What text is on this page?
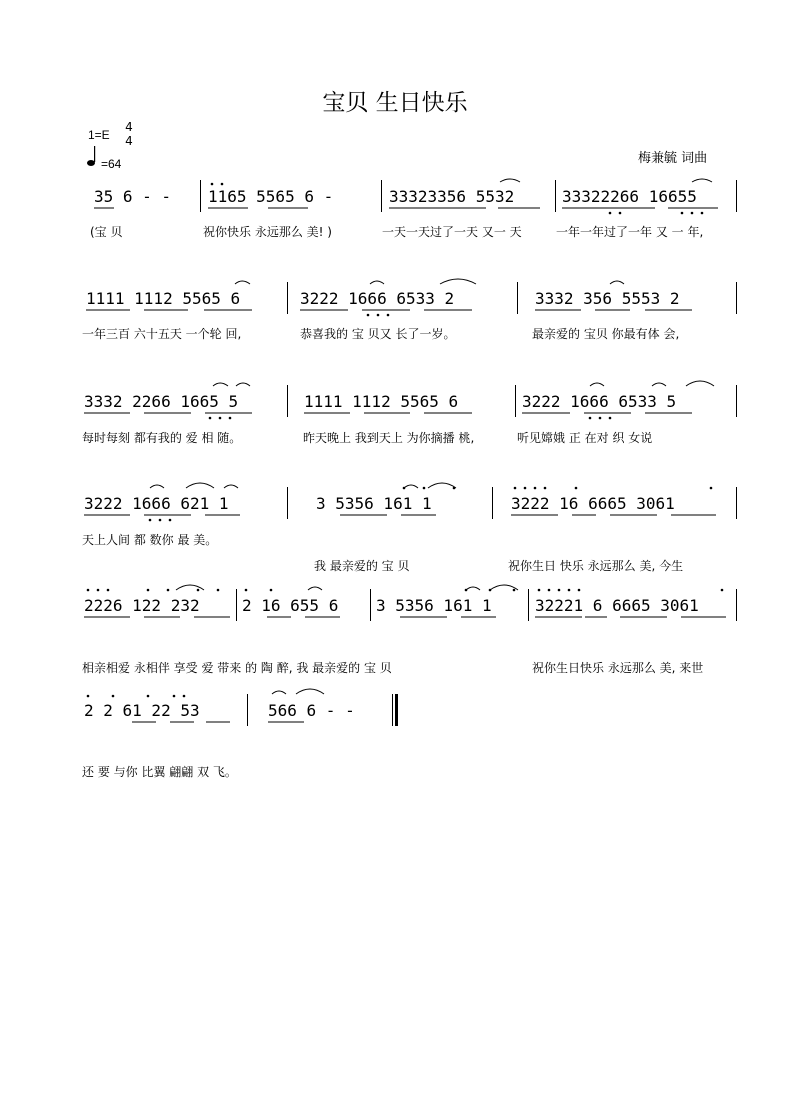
宝贝 生日快乐
1=E
4
4
=64	梅兼毓 词曲
35 6 - - 1165 5565 6 -	33323356 5532	33322266 16655
(宝 贝	祝你快乐 永远那么 美! )	一天一天过了一天 又一 天	一年一年过了一年 又 一 年,
1111 1112 5565 6	3222 1666 6533 2	3332 356 5553 2
一年三百 六十五天 一个轮 回,	恭喜我的 宝 贝又 长了一岁。	最亲爱的 宝贝 你最有体 会,
3332 2266 1665 5	1111 1112 5565 6	3222 1666 6533 5
每时每刻 都有我的 爱 相 随。	昨天晚上 我到天上 为你摘播 桃,	听见嫦娥 正 在对 织 女说
3222 1666 621 1	3 5356 161 1	3222 16 6665 3061
天上人间 都 数你 最 美。
我 最亲爱的 宝 贝	祝你生日 快乐 永远那么 美, 今生
2226 122 232	2 16 655 6 3 5356 161 1	32221 6 6665 3061
相亲相爱 永相伴 享受 爱 带来 的 陶 醉, 我 最亲爱的 宝 贝	祝你生日快乐 永远那么 美, 来世
2 2 61 22 53	566 6 - -
还 要 与你 比翼 翩翩 双 飞。
